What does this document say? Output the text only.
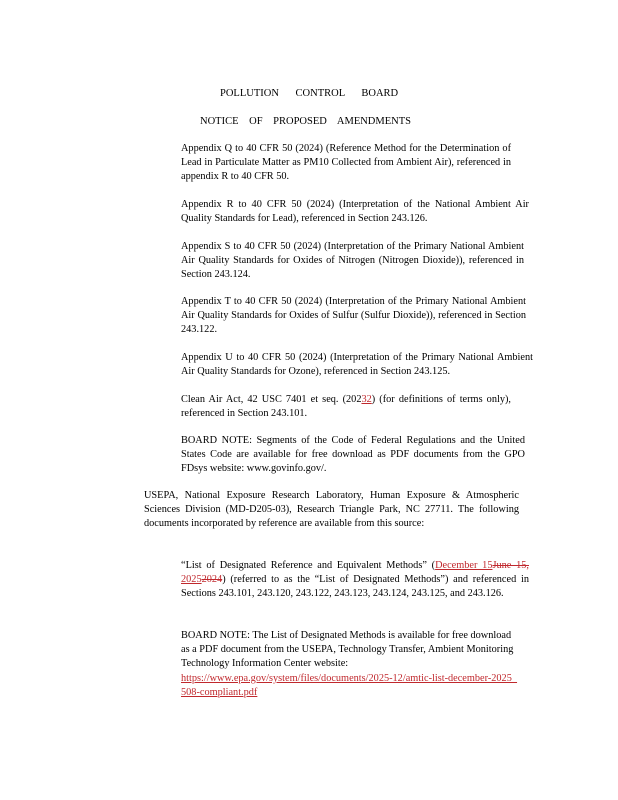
POLLUTION CONTROL BOARD
NOTICE OF PROPOSED AMENDMENTS
Appendix Q to 40 CFR 50 (2024) (Reference Method for the Determination of Lead in Particulate Matter as PM10 Collected from Ambient Air), referenced in appendix R to 40 CFR 50.
Appendix R to 40 CFR 50 (2024) (Interpretation of the National Ambient Air Quality Standards for Lead), referenced in Section 243.126.
Appendix S to 40 CFR 50 (2024) (Interpretation of the Primary National Ambient Air Quality Standards for Oxides of Nitrogen (Nitrogen Dioxide)), referenced in Section 243.124.
Appendix T to 40 CFR 50 (2024) (Interpretation of the Primary National Ambient Air Quality Standards for Oxides of Sulfur (Sulfur Dioxide)), referenced in Section 243.122.
Appendix U to 40 CFR 50 (2024) (Interpretation of the Primary National Ambient Air Quality Standards for Ozone), referenced in Section 243.125.
Clean Air Act, 42 USC 7401 et seq. (20232) (for definitions of terms only), referenced in Section 243.101.
BOARD NOTE: Segments of the Code of Federal Regulations and the United States Code are available for free download as PDF documents from the GPO FDsys website: www.govinfo.gov/.
USEPA, National Exposure Research Laboratory, Human Exposure & Atmospheric Sciences Division (MD-D205-03), Research Triangle Park, NC 27711. The following documents incorporated by reference are available from this source:
“List of Designated Reference and Equivalent Methods” (December 15June 15, 20252024) (referred to as the “List of Designated Methods”) and referenced in Sections 243.101, 243.120, 243.122, 243.123, 243.124, 243.125, and 243.126.
BOARD NOTE: The List of Designated Methods is available for free download as a PDF document from the USEPA, Technology Transfer, Ambient Monitoring Technology Information Center website:
https://www.epa.gov/system/files/documents/2025-12/amtic-list-december-2025_508-compliant.pdf
